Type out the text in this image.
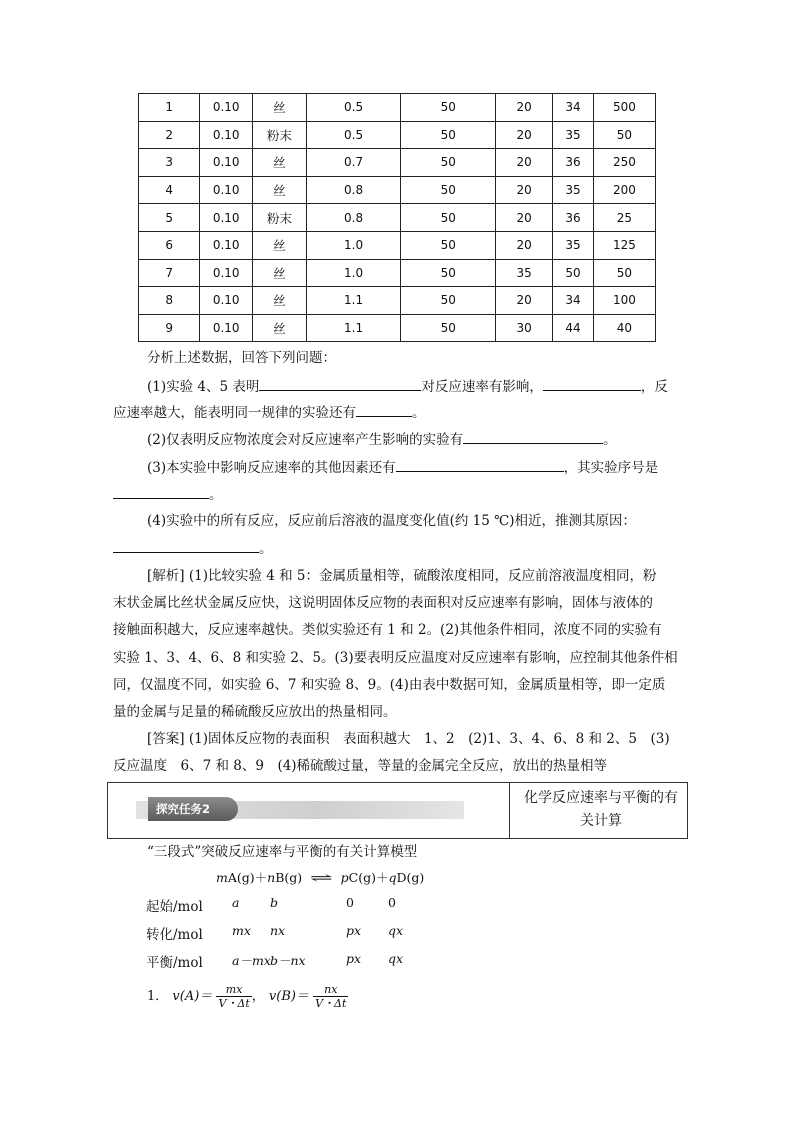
1	0.10	丝	0.5	50	20	34	500
2	0.10	粉末	0.5	50	20	35	50
3	0.10	丝	0.7	50	20	36	250
4	0.10	丝	0.8	50	20	35	200
5	0.10	粉末	0.8	50	20	36	25
6	0.10	丝	1.0	50	20	35	125
7	0.10	丝	1.0	50	35	50	50
8	0.10	丝	1.1	50	20	34	100
9	0.10	丝	1.1	50	30	44	40
分析上述数据，回答下列问题：
(1)实验 4、5 表明	对反应速率有影响，	，反
应速率越大，能表明同一规律的实验还有	。
(2)仅表明反应物浓度会对反应速率产生影响的实验有	。
(3)本实验中影响反应速率的其他因素还有	，其实验序号是
。
(4)实验中的所有反应，反应前后溶液的温度变化值(约 15 ℃)相近，推测其原因：
。
[解析] (1)比较实验 4 和 5：金属质量相等，硫酸浓度相同，反应前溶液温度相同，粉
末状金属比丝状金属反应快，这说明固体反应物的表面积对反应速率有影响，固体与液体的
接触面积越大，反应速率越快。类似实验还有 1 和 2。(2)其他条件相同，浓度不同的实验有
实验 1、3、4、6、8 和实验 2、5。(3)要表明反应温度对反应速率有影响，应控制其他条件相
同，仅温度不同，如实验 6、7 和实验 8、9。(4)由表中数据可知，金属质量相等，即一定质
量的金属与足量的稀硫酸反应放出的热量相同。
[答案] (1)固体反应物的表面积　表面积越大　1、2　(2)1、3、4、6、8 和 2、5　(3)
反应温度　6、7 和 8、9　(4)稀硫酸过量，等量的金属完全反应，放出的热量相等
探究任务2
化学反应速率与平衡的有关计算
“三段式”突破反应速率与平衡的有关计算模型
mA(g)＋nB(g) ⇌ pC(g)＋qD(g)
起始/mol a b	0	0
转化/mol mx nx	px qx
平衡/mol a－mx b－nx	px qx
1． $v(A)= \frac{mx}{V・\Delta t}$ ， $v(B)= \frac{nx}{V・\Delta t}$
